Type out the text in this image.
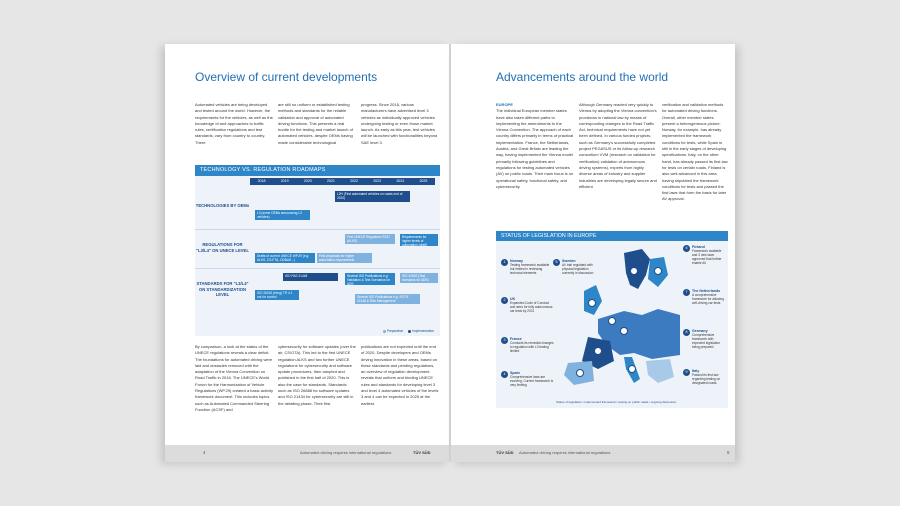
Overview of current developments
Automated vehicles are being developed and tested around the world. However, the requirements for the vehicles, as well as the knowledge of and approaches to traffic rules, certification regulations and test standards, vary from country to country. There
are still no uniform or established testing methods and standards for the reliable validation and approval of automated driving functions. This presents a real hurdle for the testing and market launch of automated vehicles, despite OEMs having made considerable technological
progress. Since 2018, various manufacturers have advertised level 3 vehicles as individually approved vehicles undergoing testing or even those market launch. As early as this year, test vehicles will be launched with functionalities beyond SAE level 3.
TECHNOLOGY VS. REGULATION ROADMAPS
2018	2019	2020	2021	2022	2023	2024	2025
TECHNOLOGIES BY OEMs
L2H (First automated vehicles on roads end of 2020)
L3 (some OEMs announcing L3 vehicles)
REGULATIONS FOR "L3/L4" ON UNECE LEVEL
First UNECE Regulation R157 (ALKS)
Drafts of current UNECE WP.29 (e.g. ALKS, CS-FTA, ODBAS...)
First proposals for higher automation requirements
Requirements for higher levels of automation (draft)
STANDARDS FOR "L3/L4" ON STANDARDIZATION LEVEL
ISO PAS 21448	Several ISO Publications e.g. Validation & Test Scenarios for ADS
ISO 34502 (Test scenarios for ADS)
ISO 26262 (Hmg) TR 4.1 not for control	Several ISO Publications e.g. SOTIF 21448 & Risk Management
Preparation	Implementation
By comparison, a look at the status of the UNECE regulations reveals a clear deficit. The foundations for automated driving were laid and obstacles removed with the adaptation of the Vienna Convention on Road Traffic in 2016. The UNECE's World Forum for the Harmonization of Vehicle Regulations (WP.29) created a basic activity framework document. This includes topics such as Automated Commanded Steering Function (ACSF) and
cybersecurity for software updates (over the air, CS/OTA). This led to the first UNECE regulation ALKS and two further UNECE regulations for cybersecurity and software update procedures, then adopted and published in the first half of 2020. This is also the case for standards. Standards such as ISO 26888 for software updates and ISO 21434 for cybersecurity are still in the detailing phase. Their first
publications are not expected until the end of 2020. Despite developers and OEMs driving innovation in these areas, based on these standards and pending regulations, an overview of regulation development reveals that uniform and binding UNECE rules and standards for developing level 3 and level 4 automated vehicles of the levels 3 and 4 can be expected in 2025 at the earliest.
4	Automated driving requires international regulations	TÜV SÜD
Advancements around the world
EUROPE
The individual European member states have also taken different paths to implementing the amendments to the Vienna Convention. The approach of each country differs primarily in terms of practical implementation. France, the Netherlands, Austria, and Great Britain are leading the way, having implemented the Vienna model primarily following guidelines and regulations for testing automated vehicles (AV) on public roads. Their main focus is on operational safety, functional safety, and cybersecurity.
Although Germany reacted very quickly to Vienna by adopting the Vienna convention's provisions in national law by means of corresponding changes to the Road Traffic Act, technical requirements have not yet been defined. In various funded projects, such as Germany's successfully completed project PEGASUS or its follow-up research consortium VVM (research on validation for verification) validation of autonomous driving systems), experts from highly diverse areas of industry and supplier industries are developing legally secure and efficient
verification and validation methods for automated driving functions. Overall, other member states present a heterogeneous picture. Norway, for example, has already implemented the framework conditions for tests, while Spain is still in the early stages of developing specifications. Italy, on the other hand, has already passed its first law for tests on certain roads. Finland is also well advanced in this area, having stipulated the framework conditions for tests and passed the first laws that form the basis for later AV approval.
STATUS OF LEGISLATION IN EUROPE
1	Norway
Testing framework available but limited in reviewing technical elements
2	UK
Expanded Code of Conduct and aims for fully autonomous car tests by 2021
3	France
Conducts its remedial changes to regulation with L3 testing limited
4	Spain
Comprehensive laws are evolving. Current framework is very limiting
5	Sweden
AV trial regulated with physical legislation currently in discussion
6	Finland
Framework available and 3 new laws approved that further enable AV
7	The Netherlands
A comprehensive framework for allowing self-driving car tests
8	Germany
Comprehensive framework with expected legislation being prepared
9	Italy
Passed its first law regarding testing on designated roads
Status of legislation: implemented framework / testing on public roads / ongoing discussion
TÜV SÜD Automated driving requires international regulations	5
